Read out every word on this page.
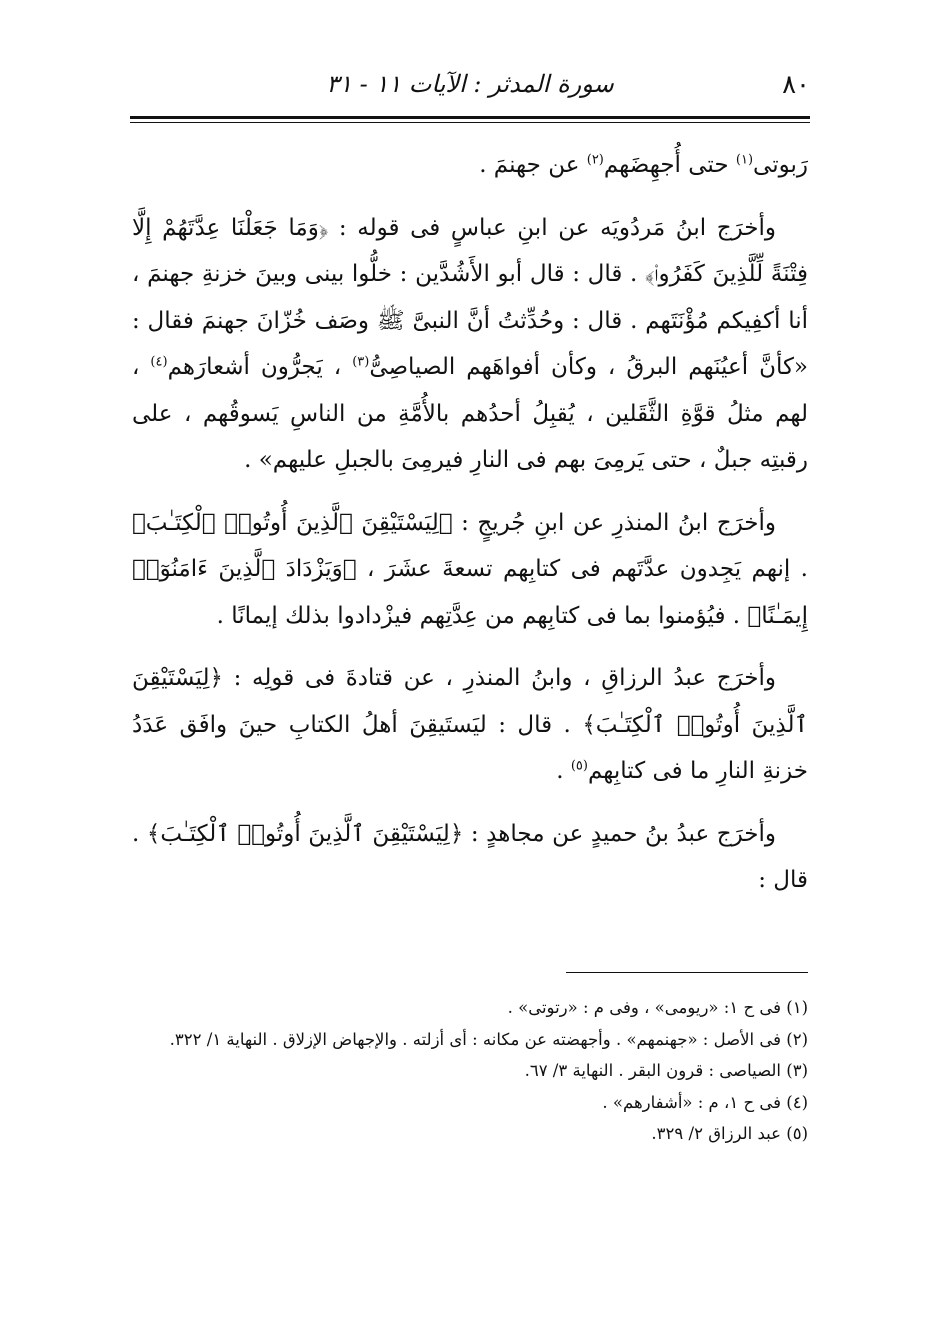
٨٠
سورة المدثر : الآيات ١١ - ٣١

رَبوتى$^{(١)}$ حتى أُجهِضَهم$^{(٢)}$ عن جهنمَ .

وأخرَج ابنُ مَردُويَه عن ابنِ عباسٍ فى قوله : ﴿وَمَا جَعَلْنَا عِدَّتَهُمْ إِلَّا فِتْنَةً لِّلَّذِينَ كَفَرُوا۟﴾ . قال : قال أبو الأَشُدَّين : خلُّوا بينى وبينَ خزنةِ جهنمَ ، أنا أكفِيكم مُؤْنَتَهم . قال : وحُدِّثتُ أنَّ النبىَّ ﷺ وصَف خُزّانَ جهنمَ فقال : «كأنَّ أعيُنَهم البرقُ ، وكأن أفواهَهم الصياصِىُّ$^{(٣)}$ ، يَجرُّون أشعارَهم$^{(٤)}$ ، لهم مثلُ قوَّةِ الثَّقَلين ، يُقبِلُ أحدُهم بالأُمَّةِ من الناسِ يَسوقُهم ، على رقبتِه جبلٌ ، حتى يَرمِىَ بهم فى النارِ فيرمِىَ بالجبلِ عليهم» .

وأخرَج ابنُ المنذرِ عن ابنِ جُريجٍ : ﴿لِيَسْتَيْقِنَ ٱلَّذِينَ أُوتُوا۟ ٱلْكِتَـٰبَ﴾ . إنهم يَجِدون عدَّتَهم فى كتابِهم تسعةَ عشَرَ ، ﴿وَيَزْدَادَ ٱلَّذِينَ ءَامَنُوٓا۟ إِيمَـٰنًا﴾ . فيُؤمنوا بما فى كتابِهم من عِدَّتِهم فيزْدادوا بذلك إيمانًا .

وأخرَج عبدُ الرزاقِ ، وابنُ المنذرِ ، عن قتادةَ فى قولِه : ﴿لِيَسْتَيْقِنَ ٱلَّذِينَ أُوتُوا۟ ٱلْكِتَـٰبَ﴾ . قال : ليَستَيقِنَ أهلُ الكتابِ حينَ وافَق عَدَدُ خزنةِ النارِ ما فى كتابِهم$^{(٥)}$ .

وأخرَج عبدُ بنُ حميدٍ عن مجاهدٍ : ﴿لِيَسْتَيْقِنَ ٱلَّذِينَ أُوتُوا۟ ٱلْكِتَـٰبَ﴾ . قال :

(١) فى ح ١: «ريومى» ، وفى م : «رتوتى» .
(٢) فى الأصل : «جهنمهم» . وأجهضته عن مكانه : أى أزلته . والإجهاض الإزلاق . النهاية ١/ ٣٢٢.
(٣) الصياصى : قرون البقر . النهاية ٣/ ٦٧.
(٤) فى ح ١، م : «أشفارهم» .
(٥) عبد الرزاق ٢/ ٣٢٩.
